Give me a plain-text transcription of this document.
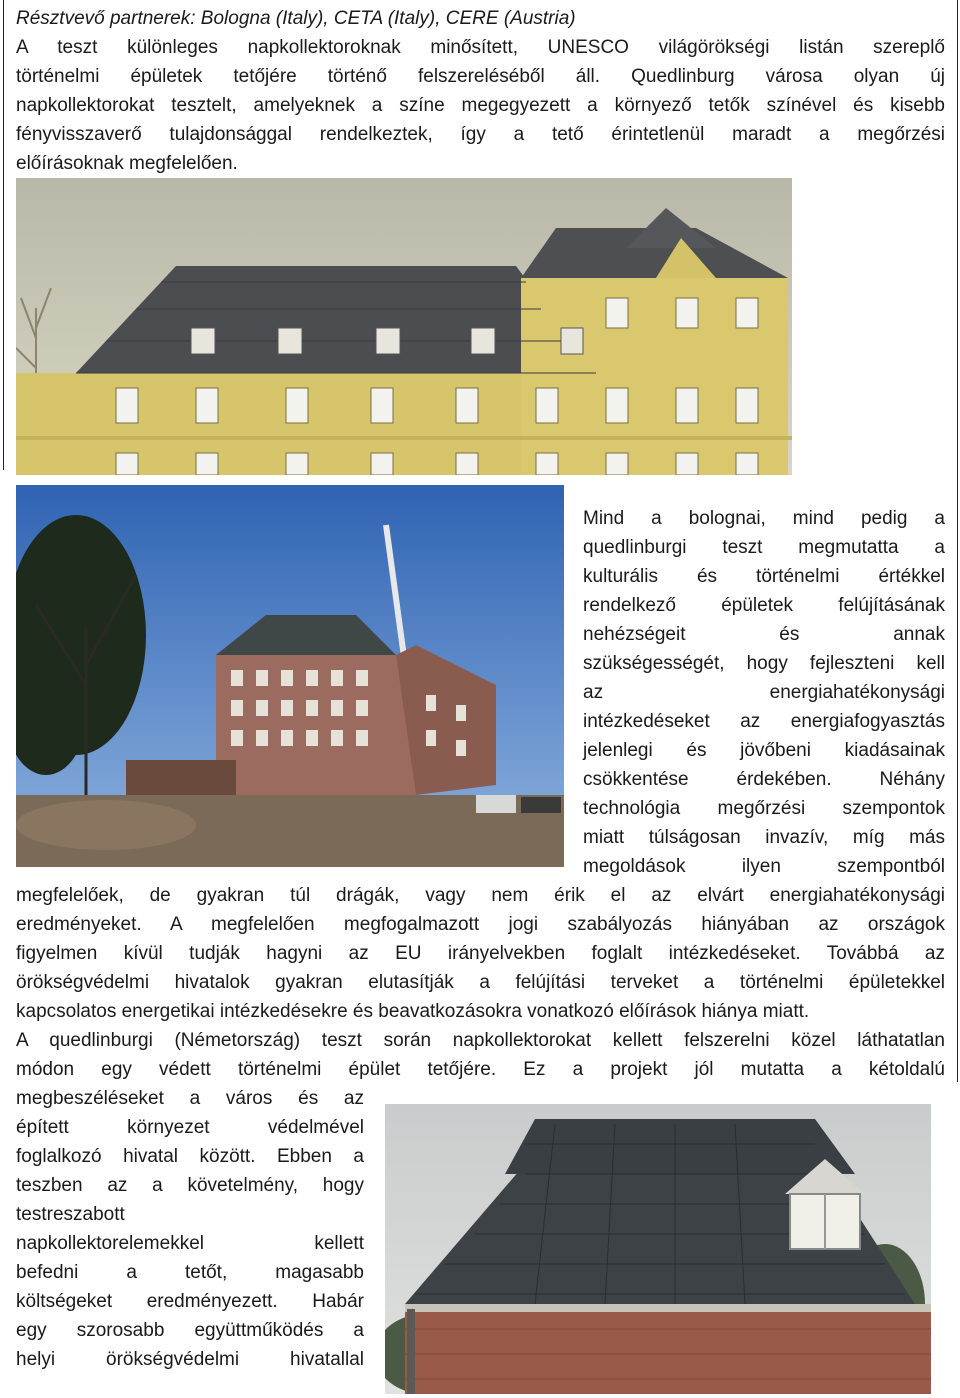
Résztvevő partnerek: Bologna (Italy), CETA (Italy), CERE (Austria)
A teszt különleges napkollektoroknak minősített, UNESCO világörökségi listán szereplő
történelmi épületek tetőjére történő felszereléséből áll. Quedlinburg városa olyan új
napkollektorokat tesztelt, amelyeknek a színe megegyezett a környező tetők színével és kisebb
fényvisszaverő tulajdonsággal rendelkeztek, így a tető érintetlenül maradt a megőrzési
előírásoknak megfelelően.
Mind a bolognai, mind pedig a
quedlinburgi teszt megmutatta a
kulturális és történelmi értékkel
rendelkező épületek felújításának
nehézségeit és annak
szükségességét, hogy fejleszteni kell
az energiahatékonysági
intézkedéseket az energiafogyasztás
jelenlegi és jövőbeni kiadásainak
csökkentése érdekében. Néhány
technológia megőrzési szempontok
miatt túlságosan invazív, míg más
megoldások ilyen szempontból
megfelelőek, de gyakran túl drágák, vagy nem érik el az elvárt energiahatékonysági
eredményeket. A megfelelően megfogalmazott jogi szabályozás hiányában az országok
figyelmen kívül tudják hagyni az EU irányelvekben foglalt intézkedéseket. Továbbá az
örökségvédelmi hivatalok gyakran elutasítják a felújítási terveket a történelmi épületekkel
kapcsolatos energetikai intézkedésekre és beavatkozásokra vonatkozó előírások hiánya miatt.
A quedlinburgi (Németország) teszt során napkollektorokat kellett felszerelni közel láthatatlan
módon egy védett történelmi épület tetőjére. Ez a projekt jól mutatta a kétoldalú
megbeszéléseket a város és az
épített környezet védelmével
foglalkozó hivatal között. Ebben a
teszben az a követelmény, hogy
testreszabott
napkollektorelemekkel kellett
befedni a tetőt, magasabb
költségeket eredményezett. Habár
egy szorosabb együttműködés a
helyi örökségvédelmi hivatallal
